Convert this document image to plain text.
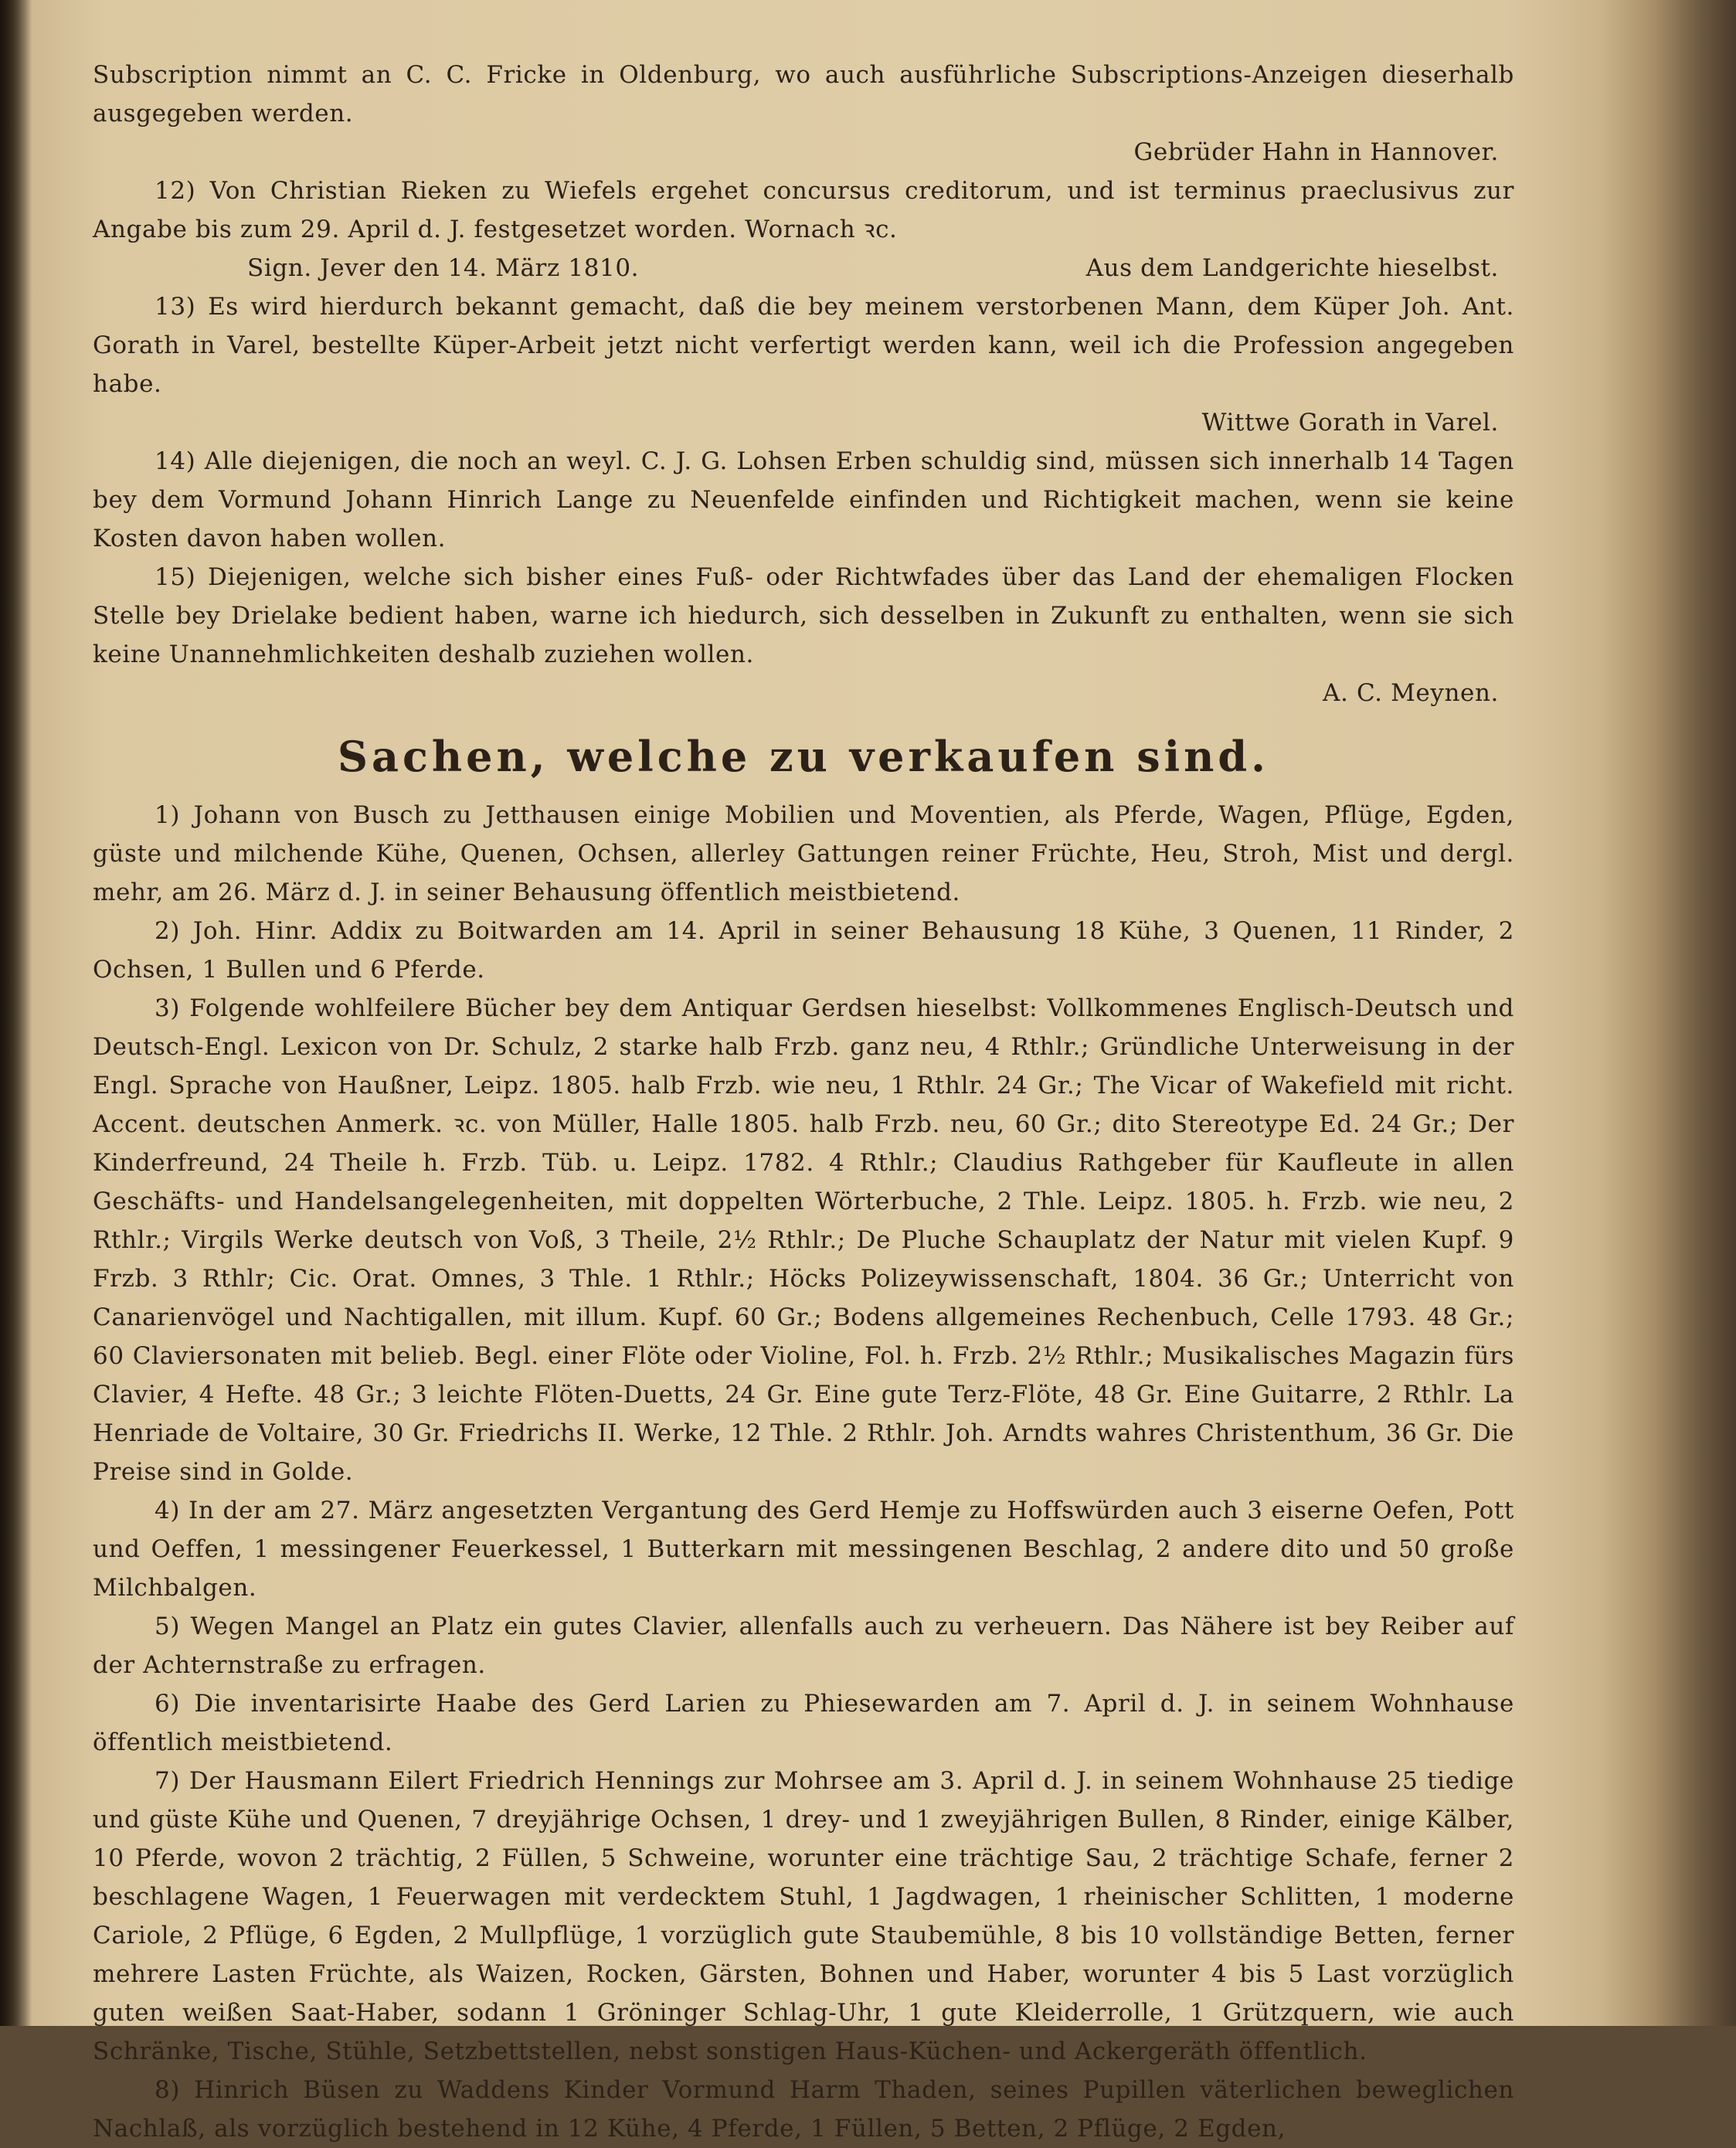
Subscription nimmt an C. C. Fricke in Oldenburg, wo auch ausführliche Subscriptions-Anzeigen dieserhalb ausgegeben werden.

Gebrüder Hahn in Hannover.

12) Von Christian Rieken zu Wiefels ergehet concursus creditorum, und ist terminus praeclusivus zur Angabe bis zum 29. April d. J. festgesetzet worden. Wornach ꝛc.

Sign. Jever den 14. März 1810.	Aus dem Landgerichte hieselbst.

13) Es wird hierdurch bekannt gemacht, daß die bey meinem verstorbenen Mann, dem Küper Joh. Ant. Gorath in Varel, bestellte Küper-Arbeit jetzt nicht verfertigt werden kann, weil ich die Profession angegeben habe.

Wittwe Gorath in Varel.

14) Alle diejenigen, die noch an weyl. C. J. G. Lohsen Erben schuldig sind, müssen sich innerhalb 14 Tagen bey dem Vormund Johann Hinrich Lange zu Neuenfelde einfinden und Richtigkeit machen, wenn sie keine Kosten davon haben wollen.

15) Diejenigen, welche sich bisher eines Fuß- oder Richtwfades über das Land der ehemaligen Flocken Stelle bey Drielake bedient haben, warne ich hiedurch, sich desselben in Zukunft zu enthalten, wenn sie sich keine Unannehmlichkeiten deshalb zuziehen wollen.

A. C. Meynen.

Sachen, welche zu verkaufen sind.

1) Johann von Busch zu Jetthausen einige Mobilien und Moventien, als Pferde, Wagen, Pflüge, Egden, güste und milchende Kühe, Quenen, Ochsen, allerley Gattungen reiner Früchte, Heu, Stroh, Mist und dergl. mehr, am 26. März d. J. in seiner Behausung öffentlich meistbietend.

2) Joh. Hinr. Addix zu Boitwarden am 14. April in seiner Behausung 18 Kühe, 3 Quenen, 11 Rinder, 2 Ochsen, 1 Bullen und 6 Pferde.

3) Folgende wohlfeilere Bücher bey dem Antiquar Gerdsen hieselbst: Vollkommenes Englisch-Deutsch und Deutsch-Engl. Lexicon von Dr. Schulz, 2 starke halb Frzb. ganz neu, 4 Rthlr.; Gründliche Unterweisung in der Engl. Sprache von Haußner, Leipz. 1805. halb Frzb. wie neu, 1 Rthlr. 24 Gr.; The Vicar of Wakefield mit richt. Accent. deutschen Anmerk. ꝛc. von Müller, Halle 1805. halb Frzb. neu, 60 Gr.; dito Stereotype Ed. 24 Gr.; Der Kinderfreund, 24 Theile h. Frzb. Tüb. u. Leipz. 1782. 4 Rthlr.; Claudius Rathgeber für Kaufleute in allen Geschäfts- und Handelsangelegenheiten, mit doppelten Wörterbuche, 2 Thle. Leipz. 1805. h. Frzb. wie neu, 2 Rthlr.; Virgils Werke deutsch von Voß, 3 Theile, 2½ Rthlr.; De Pluche Schauplatz der Natur mit vielen Kupf. 9 Frzb. 3 Rthlr; Cic. Orat. Omnes, 3 Thle. 1 Rthlr.; Höcks Polizeywissenschaft, 1804. 36 Gr.; Unterricht von Canarienvögel und Nachtigallen, mit illum. Kupf. 60 Gr.; Bodens allgemeines Rechenbuch, Celle 1793. 48 Gr.; 60 Claviersonaten mit belieb. Begl. einer Flöte oder Violine, Fol. h. Frzb. 2½ Rthlr.; Musikalisches Magazin fürs Clavier, 4 Hefte. 48 Gr.; 3 leichte Flöten-Duetts, 24 Gr. Eine gute Terz-Flöte, 48 Gr. Eine Guitarre, 2 Rthlr. La Henriade de Voltaire, 30 Gr. Friedrichs II. Werke, 12 Thle. 2 Rthlr. Joh. Arndts wahres Christenthum, 36 Gr. Die Preise sind in Golde.

4) In der am 27. März angesetzten Vergantung des Gerd Hemje zu Hoffswürden auch 3 eiserne Oefen, Pott und Oeffen, 1 messingener Feuerkessel, 1 Butterkarn mit messingenen Beschlag, 2 andere dito und 50 große Milchbalgen.

5) Wegen Mangel an Platz ein gutes Clavier, allenfalls auch zu verheuern. Das Nähere ist bey Reiber auf der Achternstraße zu erfragen.

6) Die inventarisirte Haabe des Gerd Larien zu Phiesewarden am 7. April d. J. in seinem Wohnhause öffentlich meistbietend.

7) Der Hausmann Eilert Friedrich Hennings zur Mohrsee am 3. April d. J. in seinem Wohnhause 25 tiedige und güste Kühe und Quenen, 7 dreyjährige Ochsen, 1 drey- und 1 zweyjährigen Bullen, 8 Rinder, einige Kälber, 10 Pferde, wovon 2 trächtig, 2 Füllen, 5 Schweine, worunter eine trächtige Sau, 2 trächtige Schafe, ferner 2 beschlagene Wagen, 1 Feuerwagen mit verdecktem Stuhl, 1 Jagdwagen, 1 rheinischer Schlitten, 1 moderne Cariole, 2 Pflüge, 6 Egden, 2 Mullpflüge, 1 vorzüglich gute Staubemühle, 8 bis 10 vollständige Betten, ferner mehrere Lasten Früchte, als Waizen, Rocken, Gärsten, Bohnen und Haber, worunter 4 bis 5 Last vorzüglich guten weißen Saat-Haber, sodann 1 Gröninger Schlag-Uhr, 1 gute Kleiderrolle, 1 Grützquern, wie auch Schränke, Tische, Stühle, Setzbettstellen, nebst sonstigen Haus-Küchen- und Ackergeräth öffentlich.

8) Hinrich Büsen zu Waddens Kinder Vormund Harm Thaden, seines Pupillen väterlichen beweglichen Nachlaß, als vorzüglich bestehend in 12 Kühe, 4 Pferde, 1 Füllen, 5 Betten, 2 Pflüge, 2 Egden,
